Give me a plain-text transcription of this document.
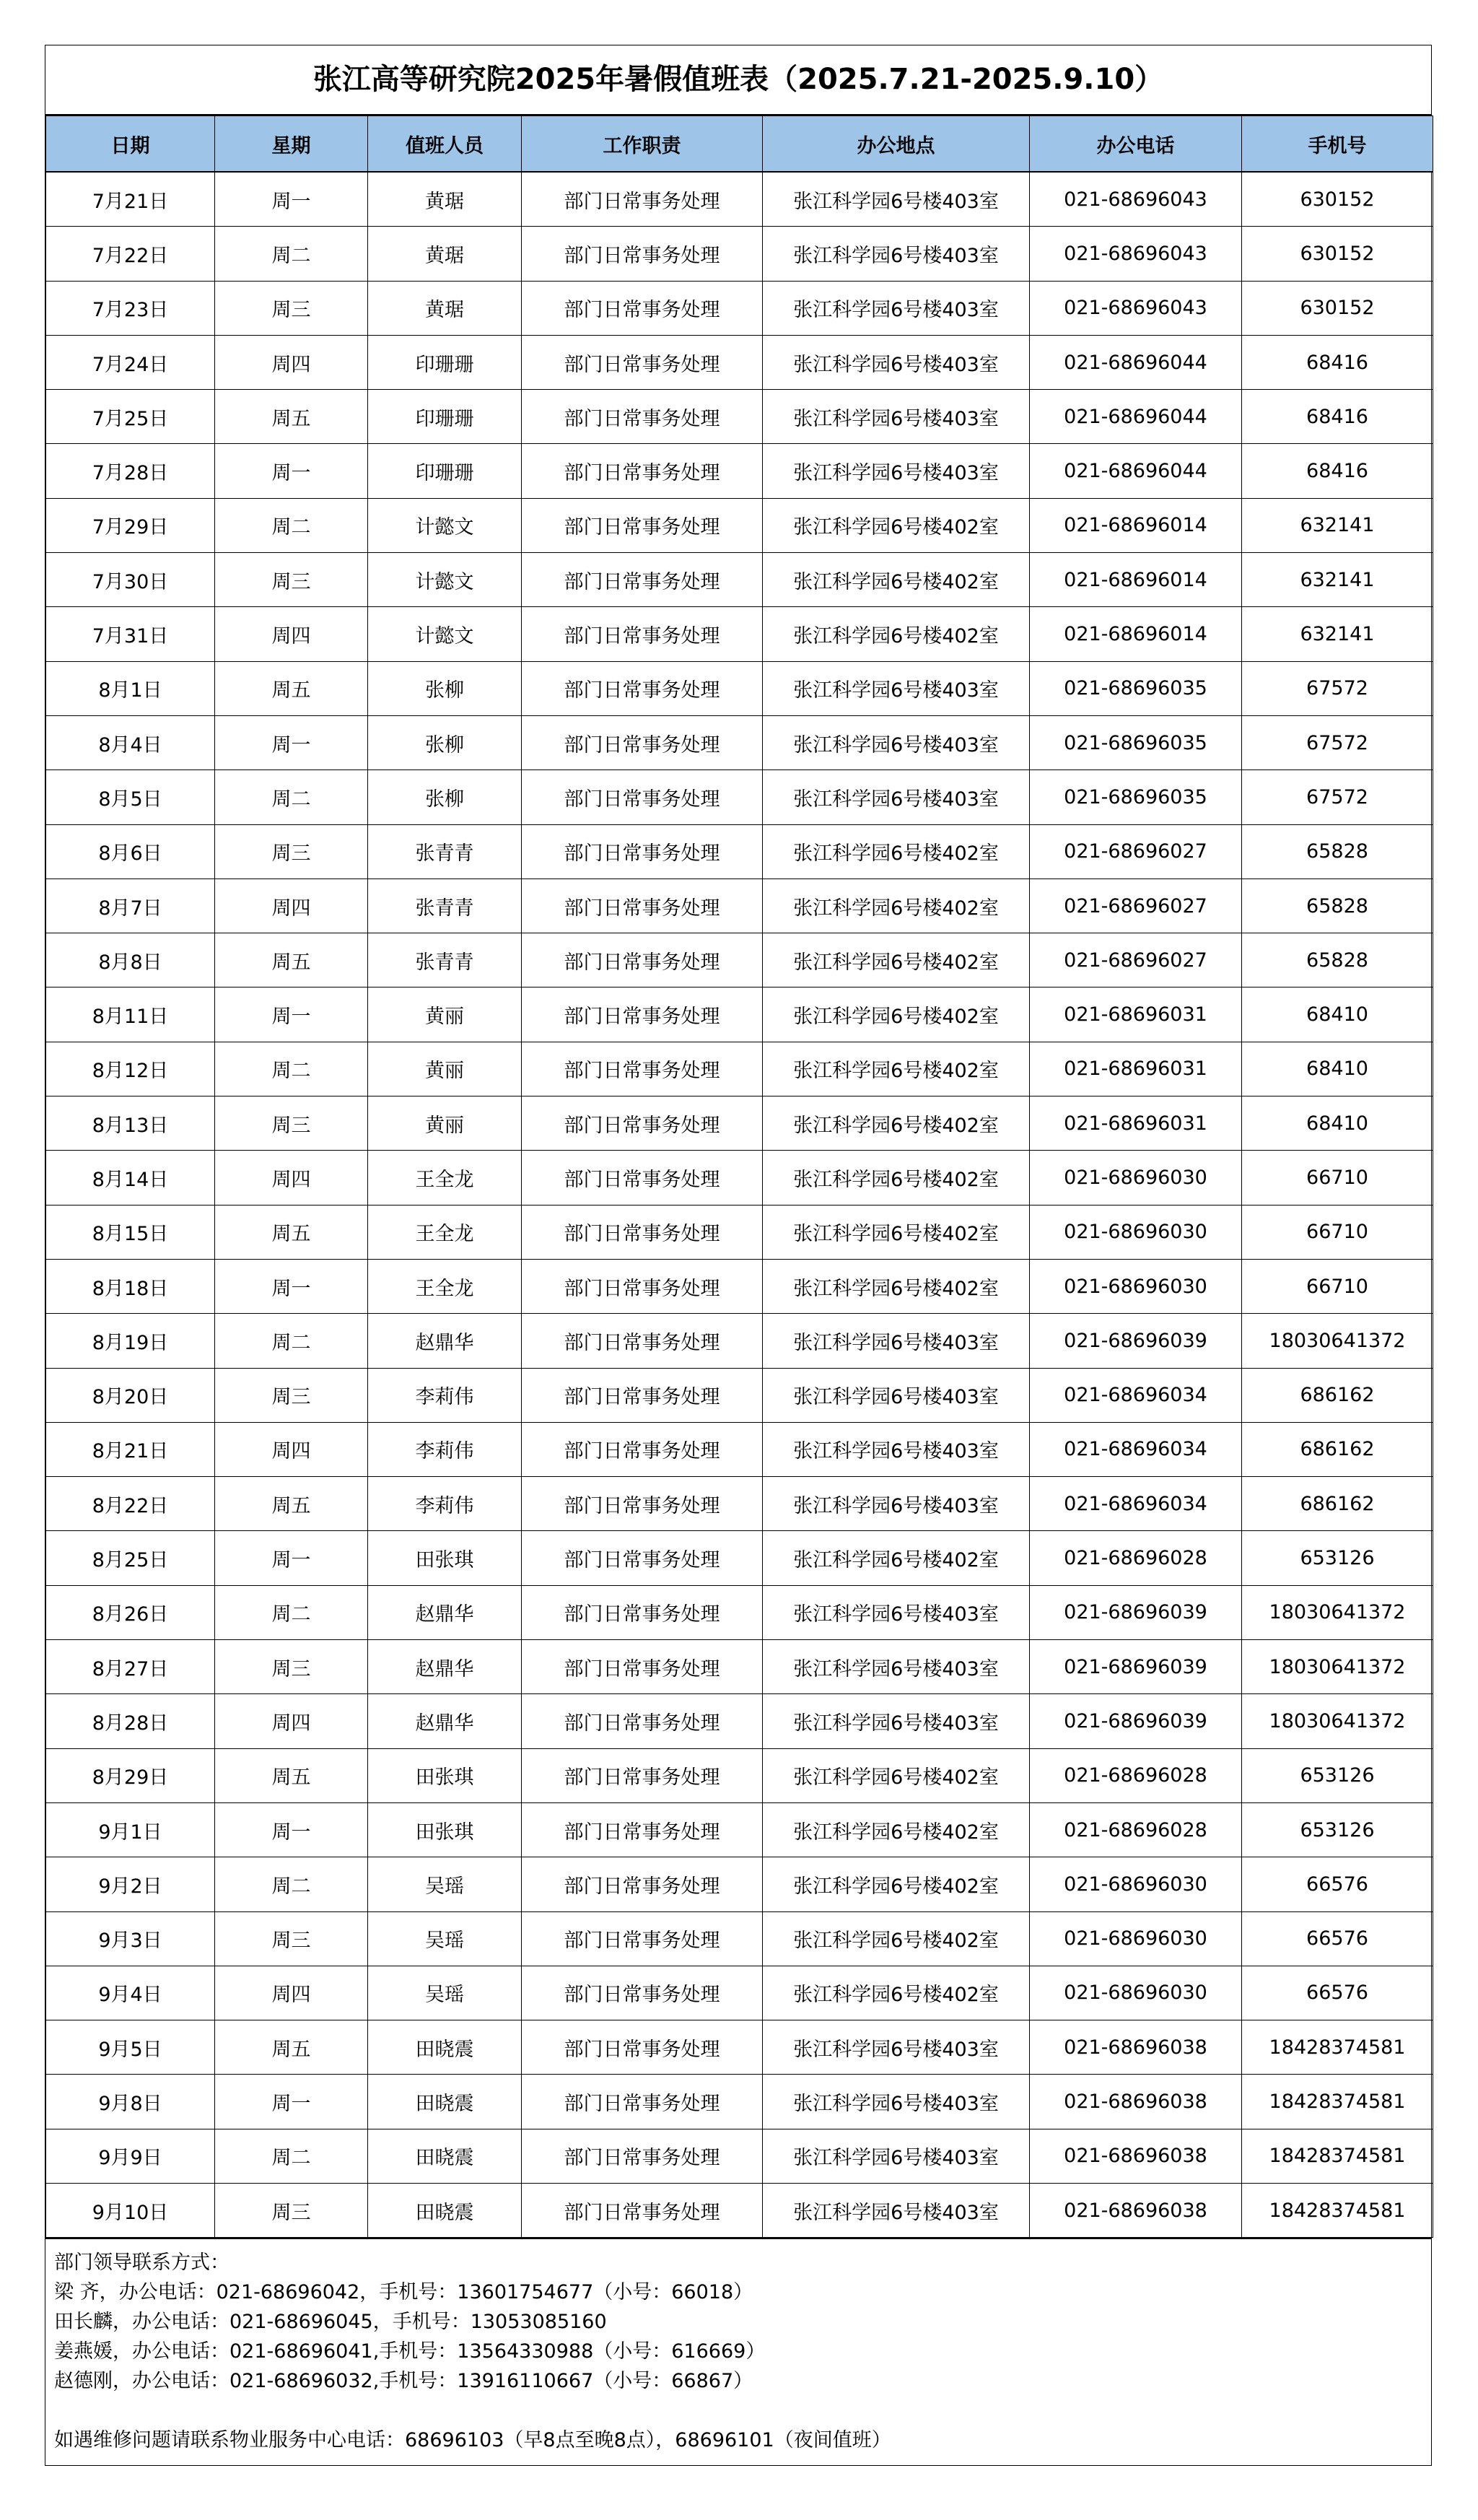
张江高等研究院2025年暑假值班表（2025.7.21-2025.9.10）
日期	星期	值班人员	工作职责	办公地点	办公电话	手机号
7月21日	周一	黄琚	部门日常事务处理	张江科学园6号楼403室	021-68696043	630152
7月22日	周二	黄琚	部门日常事务处理	张江科学园6号楼403室	021-68696043	630152
7月23日	周三	黄琚	部门日常事务处理	张江科学园6号楼403室	021-68696043	630152
7月24日	周四	印珊珊	部门日常事务处理	张江科学园6号楼403室	021-68696044	68416
7月25日	周五	印珊珊	部门日常事务处理	张江科学园6号楼403室	021-68696044	68416
7月28日	周一	印珊珊	部门日常事务处理	张江科学园6号楼403室	021-68696044	68416
7月29日	周二	计懿文	部门日常事务处理	张江科学园6号楼402室	021-68696014	632141
7月30日	周三	计懿文	部门日常事务处理	张江科学园6号楼402室	021-68696014	632141
7月31日	周四	计懿文	部门日常事务处理	张江科学园6号楼402室	021-68696014	632141
8月1日	周五	张柳	部门日常事务处理	张江科学园6号楼403室	021-68696035	67572
8月4日	周一	张柳	部门日常事务处理	张江科学园6号楼403室	021-68696035	67572
8月5日	周二	张柳	部门日常事务处理	张江科学园6号楼403室	021-68696035	67572
8月6日	周三	张青青	部门日常事务处理	张江科学园6号楼402室	021-68696027	65828
8月7日	周四	张青青	部门日常事务处理	张江科学园6号楼402室	021-68696027	65828
8月8日	周五	张青青	部门日常事务处理	张江科学园6号楼402室	021-68696027	65828
8月11日	周一	黄丽	部门日常事务处理	张江科学园6号楼402室	021-68696031	68410
8月12日	周二	黄丽	部门日常事务处理	张江科学园6号楼402室	021-68696031	68410
8月13日	周三	黄丽	部门日常事务处理	张江科学园6号楼402室	021-68696031	68410
8月14日	周四	王全龙	部门日常事务处理	张江科学园6号楼402室	021-68696030	66710
8月15日	周五	王全龙	部门日常事务处理	张江科学园6号楼402室	021-68696030	66710
8月18日	周一	王全龙	部门日常事务处理	张江科学园6号楼402室	021-68696030	66710
8月19日	周二	赵鼎华	部门日常事务处理	张江科学园6号楼403室	021-68696039	18030641372
8月20日	周三	李莉伟	部门日常事务处理	张江科学园6号楼403室	021-68696034	686162
8月21日	周四	李莉伟	部门日常事务处理	张江科学园6号楼403室	021-68696034	686162
8月22日	周五	李莉伟	部门日常事务处理	张江科学园6号楼403室	021-68696034	686162
8月25日	周一	田张琪	部门日常事务处理	张江科学园6号楼402室	021-68696028	653126
8月26日	周二	赵鼎华	部门日常事务处理	张江科学园6号楼403室	021-68696039	18030641372
8月27日	周三	赵鼎华	部门日常事务处理	张江科学园6号楼403室	021-68696039	18030641372
8月28日	周四	赵鼎华	部门日常事务处理	张江科学园6号楼403室	021-68696039	18030641372
8月29日	周五	田张琪	部门日常事务处理	张江科学园6号楼402室	021-68696028	653126
9月1日	周一	田张琪	部门日常事务处理	张江科学园6号楼402室	021-68696028	653126
9月2日	周二	吴瑶	部门日常事务处理	张江科学园6号楼402室	021-68696030	66576
9月3日	周三	吴瑶	部门日常事务处理	张江科学园6号楼402室	021-68696030	66576
9月4日	周四	吴瑶	部门日常事务处理	张江科学园6号楼402室	021-68696030	66576
9月5日	周五	田晓震	部门日常事务处理	张江科学园6号楼403室	021-68696038	18428374581
9月8日	周一	田晓震	部门日常事务处理	张江科学园6号楼403室	021-68696038	18428374581
9月9日	周二	田晓震	部门日常事务处理	张江科学园6号楼403室	021-68696038	18428374581
9月10日	周三	田晓震	部门日常事务处理	张江科学园6号楼403室	021-68696038	18428374581
部门领导联系方式：
梁 齐，办公电话：021-68696042，手机号：13601754677（小号：66018）
田长麟，办公电话：021-68696045，手机号：13053085160
姜燕媛，办公电话：021-68696041,手机号：13564330988（小号：616669）
赵德刚，办公电话：021-68696032,手机号：13916110667（小号：66867）
如遇维修问题请联系物业服务中心电话：68696103（早8点至晚8点），68696101（夜间值班）
